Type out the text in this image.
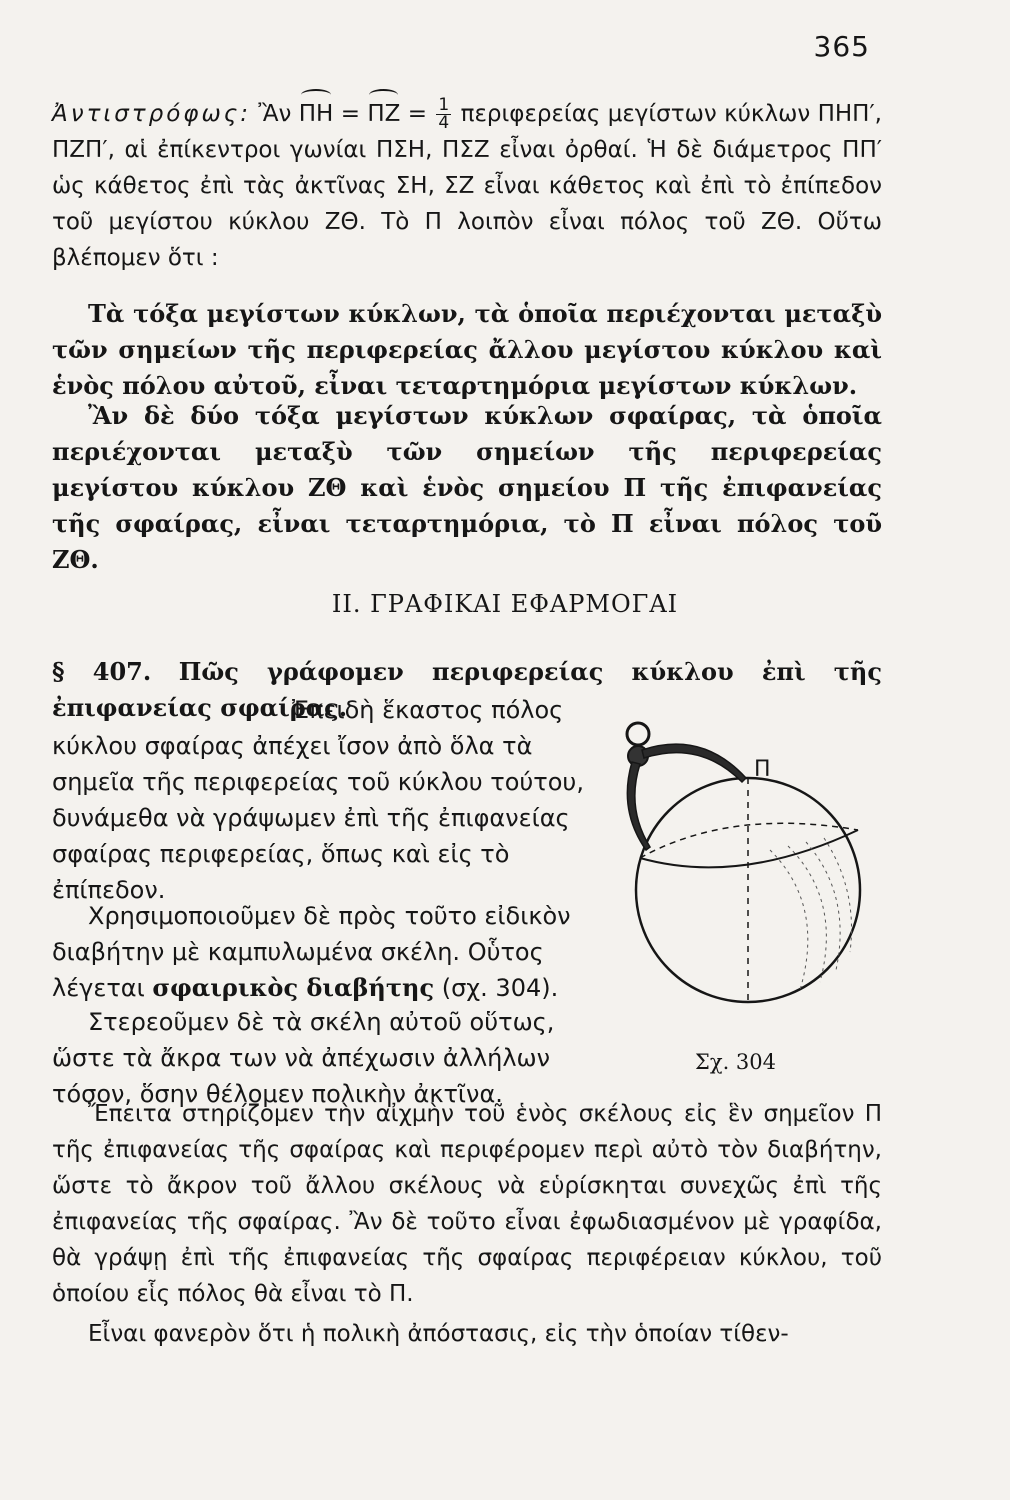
365

Ἀντιστρόφως: Ἂν $\Pi H = \Pi Z = \frac{1}{4}$ περιφερείας μεγίστων κύκλων ΠΗΠ′, ΠΖΠ′, αἱ ἐπίκεντροι γωνίαι ΠΣΗ, ΠΣΖ εἶναι ὀρθαί. Ἡ δὲ διάμετρος ΠΠ′ ὡς κάθετος ἐπὶ τὰς ἀκτῖνας ΣΗ, ΣΖ εἶναι κάθετος καὶ ἐπὶ τὸ ἐπίπεδον τοῦ μεγίστου κύκλου ΖΘ. Τὸ Π λοιπὸν εἶναι πόλος τοῦ ΖΘ. Οὕτω βλέπομεν ὅτι :

Τὰ τόξα μεγίστων κύκλων, τὰ ὁποῖα περιέχονται μεταξὺ τῶν σημείων τῆς περιφερείας ἄλλου μεγίστου κύκλου καὶ ἑνὸς πόλου αὐτοῦ, εἶναι τεταρτημόρια μεγίστων κύκλων.

Ἂν δὲ δύο τόξα μεγίστων κύκλων σφαίρας, τὰ ὁποῖα περιέχονται μεταξὺ τῶν σημείων τῆς περιφερείας μεγίστου κύκλου ΖΘ καὶ ἑνὸς σημείου Π τῆς ἐπιφανείας τῆς σφαίρας, εἶναι τεταρτημόρια, τὸ Π εἶναι πόλος τοῦ ΖΘ.

II. ΓΡΑΦΙΚΑΙ ΕΦΑΡΜΟΓΑΙ

§ 407. Πῶς γράφομεν περιφερείας κύκλου ἐπὶ τῆς ἐπιφανείας σφαίρας.

Ἐπειδὴ ἕκαστος πόλος κύκλου σφαίρας ἀπέχει ἴσον ἀπὸ ὅλα τὰ σημεῖα τῆς περιφερείας τοῦ κύκλου τούτου, δυνάμεθα νὰ γράψωμεν ἐπὶ τῆς ἐπιφανείας σφαίρας περιφερείας, ὅπως καὶ εἰς τὸ ἐπίπεδον.

Χρησιμοποιοῦμεν δὲ πρὸς τοῦτο εἰδικὸν διαβήτην μὲ καμπυλωμένα σκέλη. Οὗτος λέγεται σφαιρικὸς διαβήτης (σχ. 304).

Στερεοῦμεν δὲ τὰ σκέλη αὐτοῦ οὕτως, ὥστε τὰ ἄκρα των νὰ ἀπέχωσιν ἀλλήλων τόσον, ὅσην θέλομεν πολικὴν ἀκτῖνα.

Ἔπειτα στηρίζομεν τὴν αἰχμὴν τοῦ ἑνὸς σκέλους εἰς ἓν σημεῖον Π τῆς ἐπιφανείας τῆς σφαίρας καὶ περιφέρομεν περὶ αὐτὸ τὸν διαβήτην, ὥστε τὸ ἄκρον τοῦ ἄλλου σκέλους νὰ εὑρίσκηται συνεχῶς ἐπὶ τῆς ἐπιφανείας τῆς σφαίρας. Ἂν δὲ τοῦτο εἶναι ἐφωδιασμένον μὲ γραφίδα, θὰ γράψῃ ἐπὶ τῆς ἐπιφανείας τῆς σφαίρας περιφέρειαν κύκλου, τοῦ ὁποίου εἷς πόλος θὰ εἶναι τὸ Π.

Εἶναι φανερὸν ὅτι ἡ πολικὴ ἀπόστασις, εἰς τὴν ὁποίαν τίθεν-

Π
Σχ. 304
